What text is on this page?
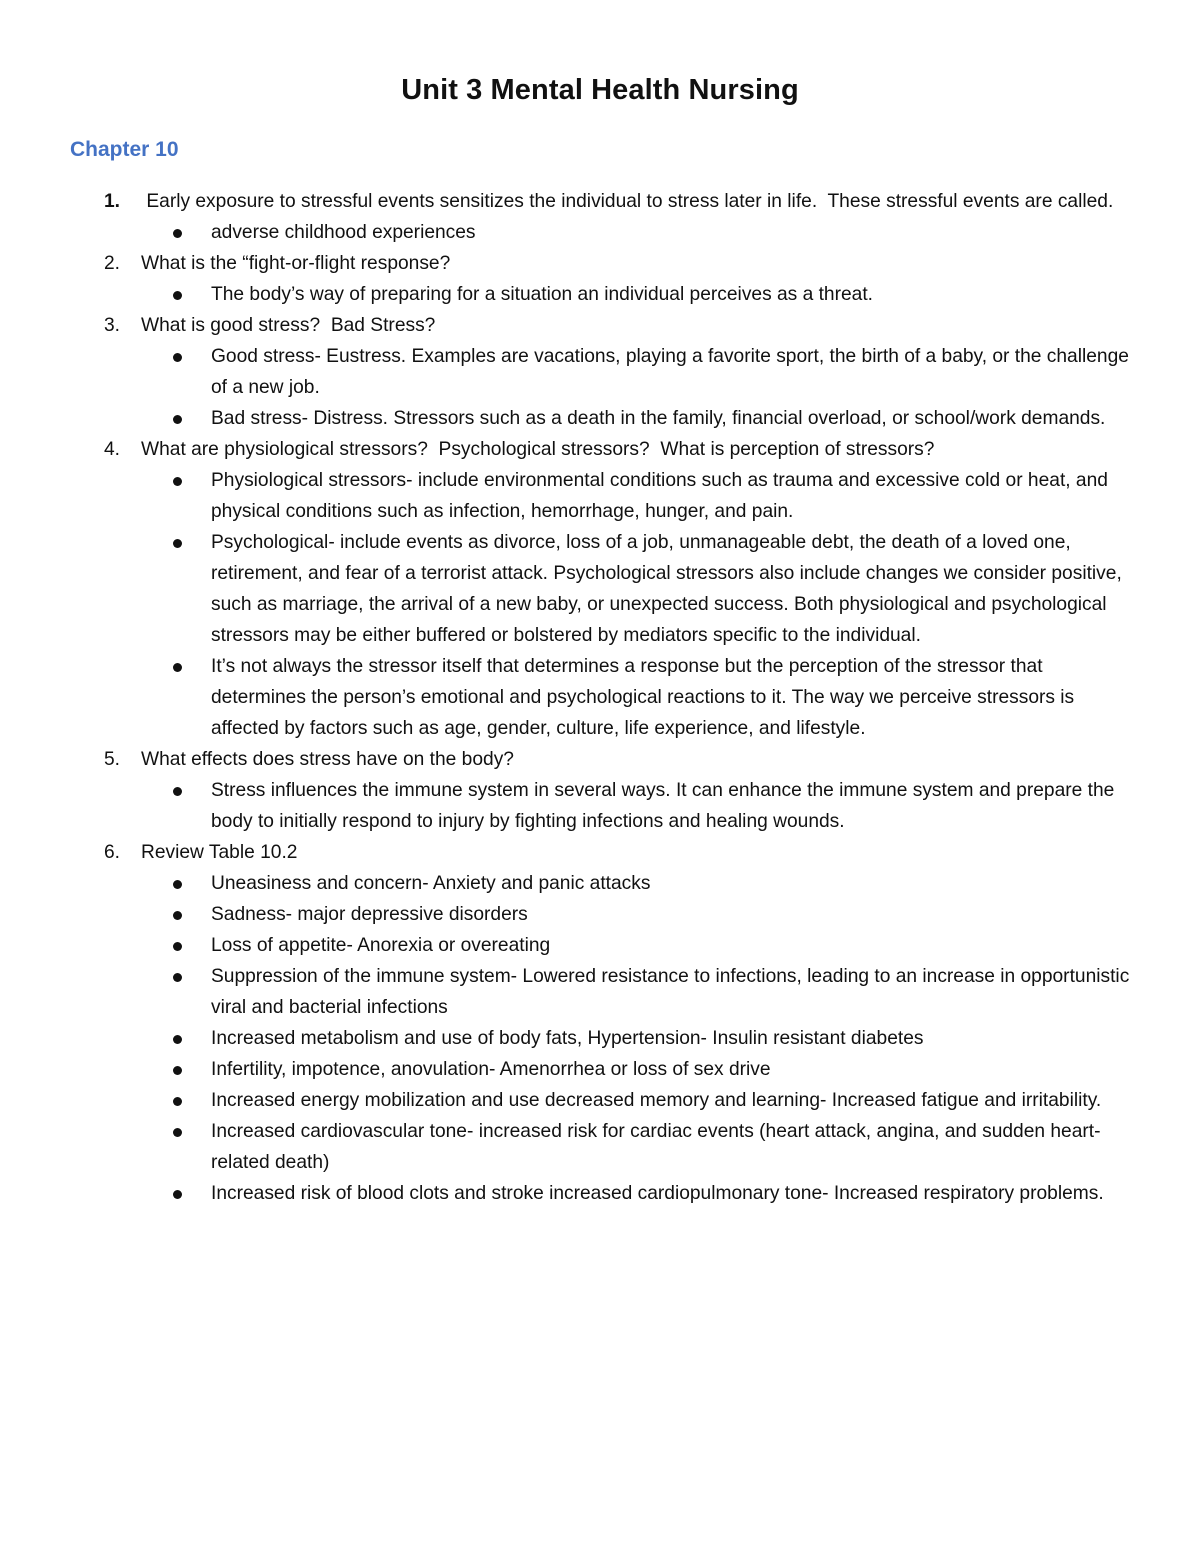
Unit 3 Mental Health Nursing
Chapter 10
1. Early exposure to stressful events sensitizes the individual to stress later in life.  These stressful events are called.
adverse childhood experiences
2. What is the “fight-or-flight response?
The body’s way of preparing for a situation an individual perceives as a threat.
3. What is good stress?  Bad Stress?
Good stress- Eustress. Examples are vacations, playing a favorite sport, the birth of a baby, or the challenge of a new job.
Bad stress- Distress. Stressors such as a death in the family, financial overload, or school/work demands.
4. What are physiological stressors?  Psychological stressors?  What is perception of stressors?
Physiological stressors- include environmental conditions such as trauma and excessive cold or heat, and physical conditions such as infection, hemorrhage, hunger, and pain.
Psychological- include events as divorce, loss of a job, unmanageable debt, the death of a loved one, retirement, and fear of a terrorist attack. Psychological stressors also include changes we consider positive, such as marriage, the arrival of a new baby, or unexpected success. Both physiological and psychological stressors may be either buffered or bolstered by mediators specific to the individual.
It’s not always the stressor itself that determines a response but the perception of the stressor that determines the person’s emotional and psychological reactions to it. The way we perceive stressors is affected by factors such as age, gender, culture, life experience, and lifestyle.
5. What effects does stress have on the body?
Stress influences the immune system in several ways. It can enhance the immune system and prepare the body to initially respond to injury by fighting infections and healing wounds.
6. Review Table 10.2
Uneasiness and concern- Anxiety and panic attacks
Sadness- major depressive disorders
Loss of appetite- Anorexia or overeating
Suppression of the immune system- Lowered resistance to infections, leading to an increase in opportunistic viral and bacterial infections
Increased metabolism and use of body fats, Hypertension- Insulin resistant diabetes
Infertility, impotence, anovulation- Amenorrhea or loss of sex drive
Increased energy mobilization and use decreased memory and learning- Increased fatigue and irritability.
Increased cardiovascular tone- increased risk for cardiac events (heart attack, angina, and sudden heart-related death)
Increased risk of blood clots and stroke increased cardiopulmonary tone- Increased respiratory problems.
